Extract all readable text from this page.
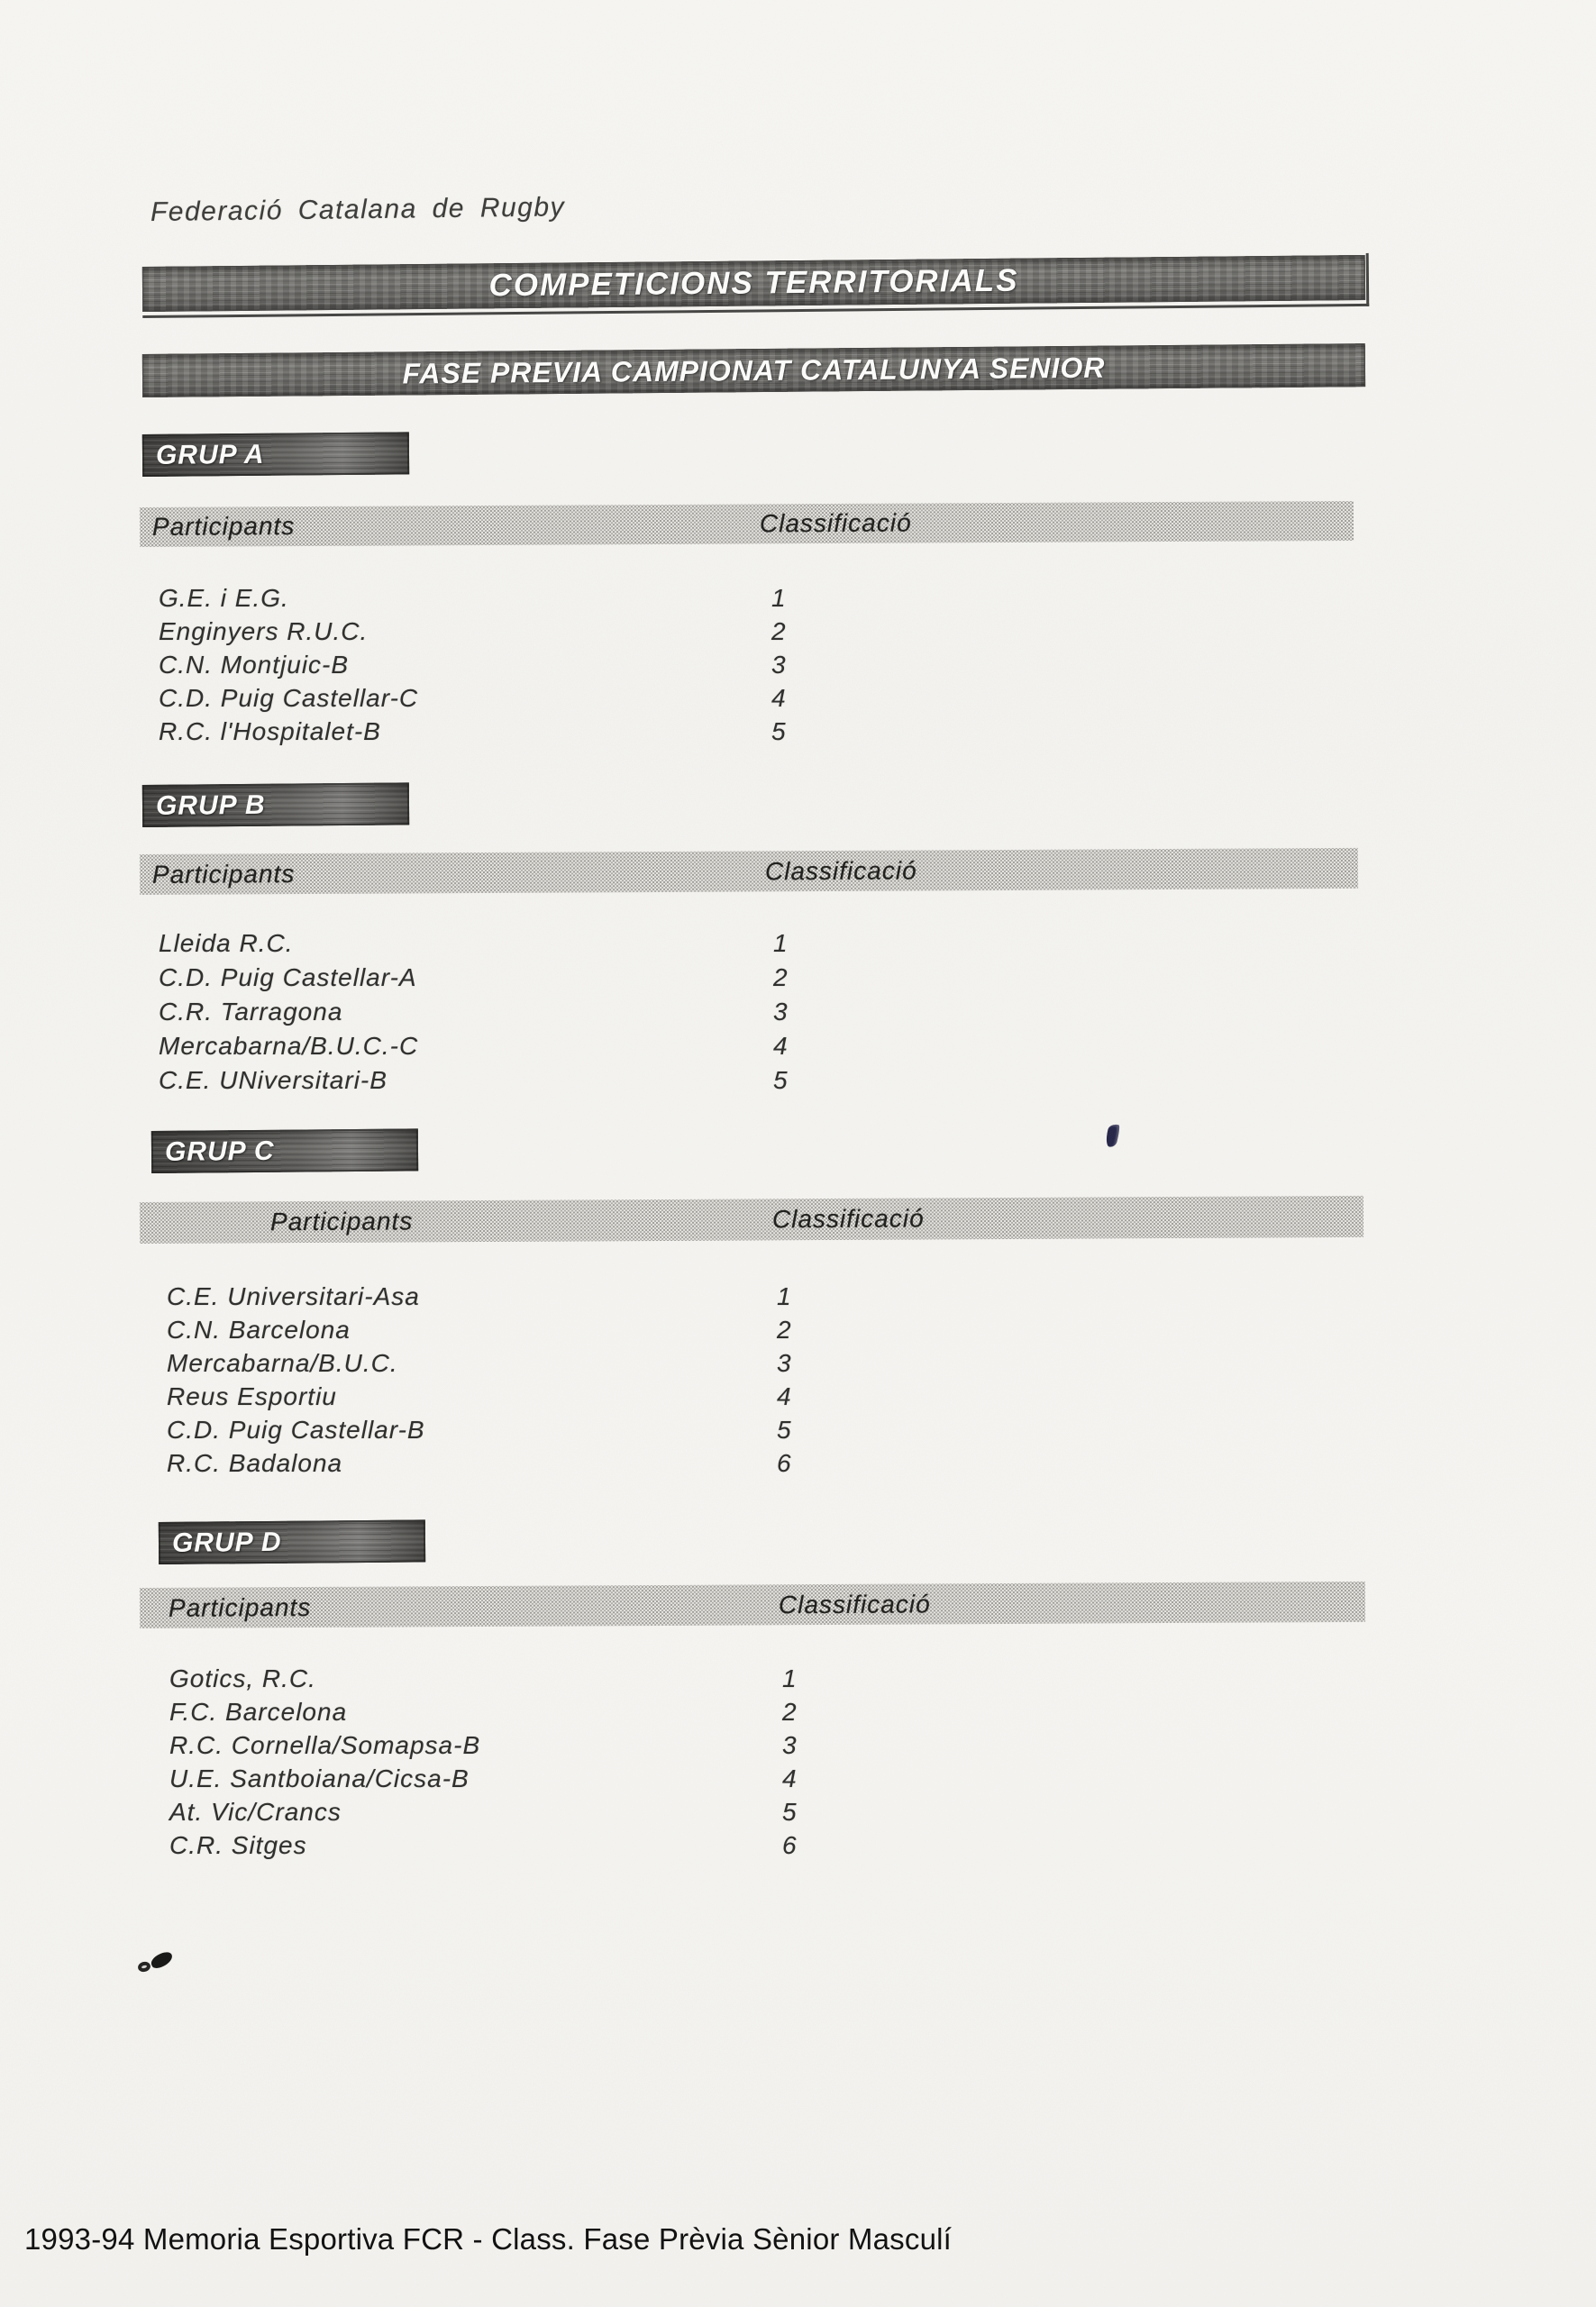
Federació Catalana de Rugby
COMPETICIONS TERRITORIALS
FASE PREVIA CAMPIONAT CATALUNYA SENIOR
GRUP A
Participants	Classificació
G.E. i E.G.	1
Enginyers R.U.C.	2
C.N. Montjuic-B	3
C.D. Puig Castellar-C	4
R.C. l'Hospitalet-B	5
GRUP B
Participants	Classificació
Lleida R.C.	1
C.D. Puig Castellar-A	2
C.R. Tarragona	3
Mercabarna/B.U.C.-C	4
C.E. UNiversitari-B	5
GRUP C
Participants	Classificació
C.E. Universitari-Asa	1
C.N. Barcelona	2
Mercabarna/B.U.C.	3
Reus Esportiu	4
C.D. Puig Castellar-B	5
R.C. Badalona	6
GRUP D
Participants	Classificació
Gotics, R.C.	1
F.C. Barcelona	2
R.C. Cornella/Somapsa-B	3
U.E. Santboiana/Cicsa-B	4
At. Vic/Crancs	5
C.R. Sitges	6
1993-94 Memoria Esportiva FCR - Class. Fase Prèvia Sènior Masculí
